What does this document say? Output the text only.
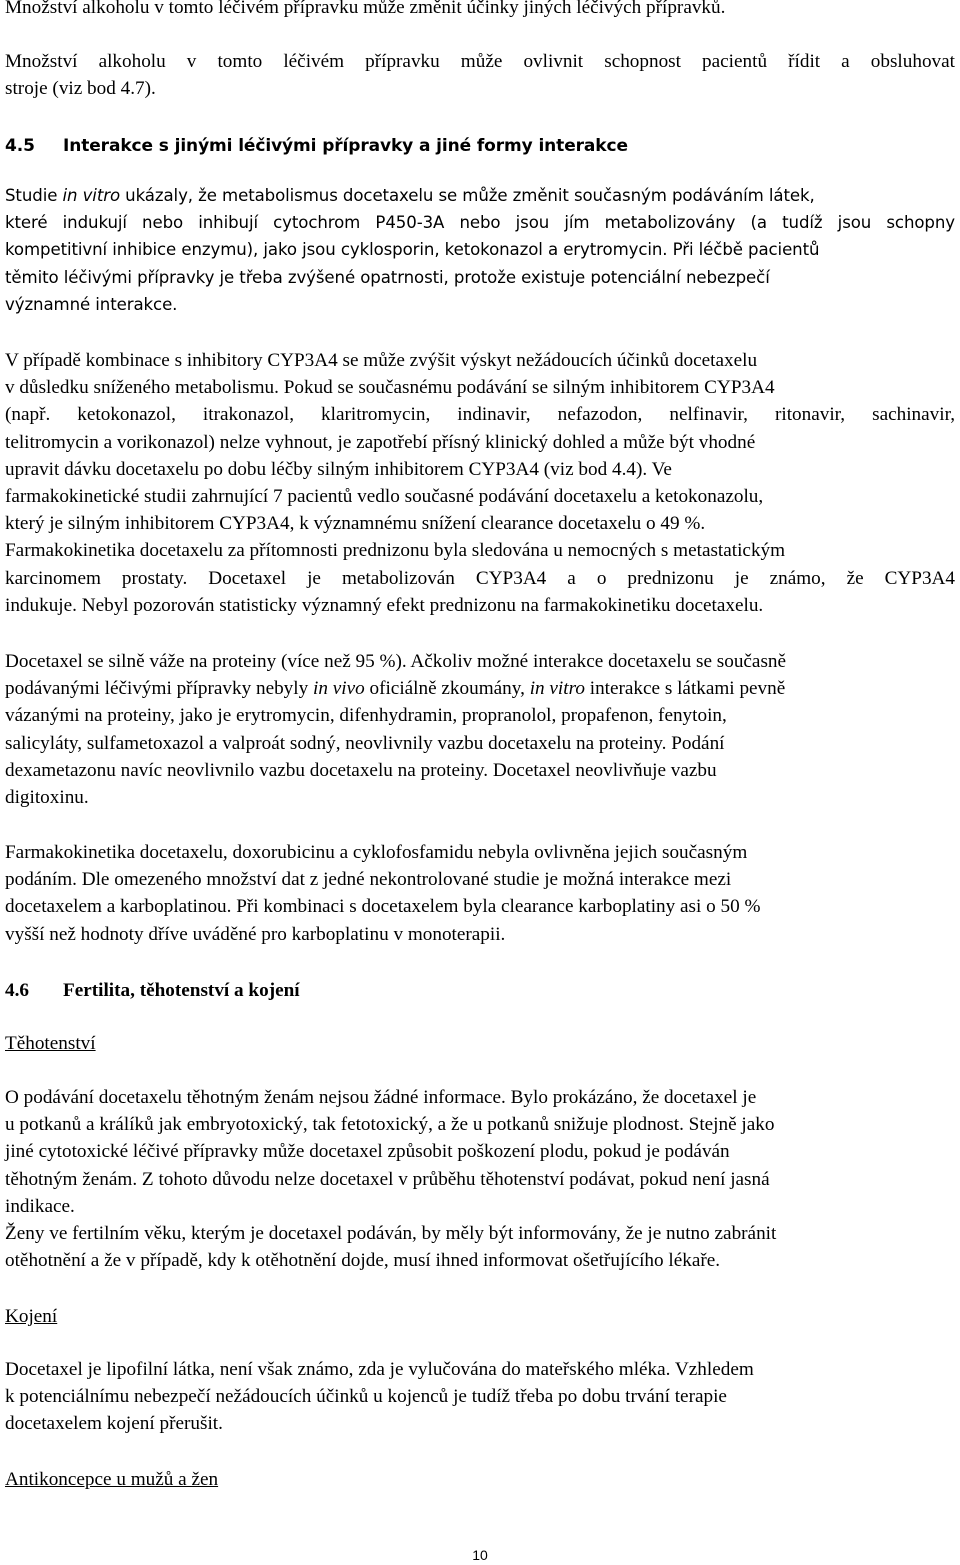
Množství alkoholu v tomto léčivém přípravku může změnit účinky jiných léčivých přípravků.

Množství alkoholu v tomto léčivém přípravku může ovlivnit schopnost pacientů řídit a obsluhovat
stroje (viz bod 4.7).

4.5 Interakce s jinými léčivými přípravky a jiné formy interakce

Studie in vitro ukázaly, že metabolismus docetaxelu se může změnit současným podáváním látek,
které indukují nebo inhibují cytochrom P450-3A nebo jsou jím metabolizovány (a tudíž jsou schopny
kompetitivní inhibice enzymu), jako jsou cyklosporin, ketokonazol a erytromycin. Při léčbě pacientů
těmito léčivými přípravky je třeba zvýšené opatrnosti, protože existuje potenciální nebezpečí
významné interakce.

V případě kombinace s inhibitory CYP3A4 se může zvýšit výskyt nežádoucích účinků docetaxelu
v důsledku sníženého metabolismu. Pokud se současnému podávání se silným inhibitorem CYP3A4
(např. ketokonazol, itrakonazol, klaritromycin, indinavir, nefazodon, nelfinavir, ritonavir, sachinavir,
telitromycin a vorikonazol) nelze vyhnout, je zapotřebí přísný klinický dohled a může být vhodné
upravit dávku docetaxelu po dobu léčby silným inhibitorem CYP3A4 (viz bod 4.4). Ve
farmakokinetické studii zahrnující 7 pacientů vedlo současné podávání docetaxelu a ketokonazolu,
který je silným inhibitorem CYP3A4, k významnému snížení clearance docetaxelu o 49 %.
Farmakokinetika docetaxelu za přítomnosti prednizonu byla sledována u nemocných s metastatickým
karcinomem prostaty. Docetaxel je metabolizován CYP3A4 a o prednizonu je známo, že CYP3A4
indukuje. Nebyl pozorován statisticky významný efekt prednizonu na farmakokinetiku docetaxelu.

Docetaxel se silně váže na proteiny (více než 95 %). Ačkoliv možné interakce docetaxelu se současně
podávanými léčivými přípravky nebyly in vivo oficiálně zkoumány, in vitro interakce s látkami pevně
vázanými na proteiny, jako je erytromycin, difenhydramin, propranolol, propafenon, fenytoin,
salicyláty, sulfametoxazol a valproát sodný, neovlivnily vazbu docetaxelu na proteiny. Podání
dexametazonu navíc neovlivnilo vazbu docetaxelu na proteiny. Docetaxel neovlivňuje vazbu
digitoxinu.

Farmakokinetika docetaxelu, doxorubicinu a cyklofosfamidu nebyla ovlivněna jejich současným
podáním. Dle omezeného množství dat z jedné nekontrolované studie je možná interakce mezi
docetaxelem a karboplatinou. Při kombinaci s docetaxelem byla clearance karboplatiny asi o 50 %
vyšší než hodnoty dříve uváděné pro karboplatinu v monoterapii.

4.6 Fertilita, těhotenství a kojení

Těhotenství

O podávání docetaxelu těhotným ženám nejsou žádné informace. Bylo prokázáno, že docetaxel je
u potkanů a králíků jak embryotoxický, tak fetotoxický, a že u potkanů snižuje plodnost. Stejně jako
jiné cytotoxické léčivé přípravky může docetaxel způsobit poškození plodu, pokud je podáván
těhotným ženám. Z tohoto důvodu nelze docetaxel v průběhu těhotenství podávat, pokud není jasná
indikace.
Ženy ve fertilním věku, kterým je docetaxel podáván, by měly být informovány, že je nutno zabránit
otěhotnění a že v případě, kdy k otěhotnění dojde, musí ihned informovat ošetřujícího lékaře.

Kojení

Docetaxel je lipofilní látka, není však známo, zda je vylučována do mateřského mléka. Vzhledem
k potenciálnímu nebezpečí nežádoucích účinků u kojenců je tudíž třeba po dobu trvání terapie
docetaxelem kojení přerušit.

Antikoncepce u mužů a žen

10
